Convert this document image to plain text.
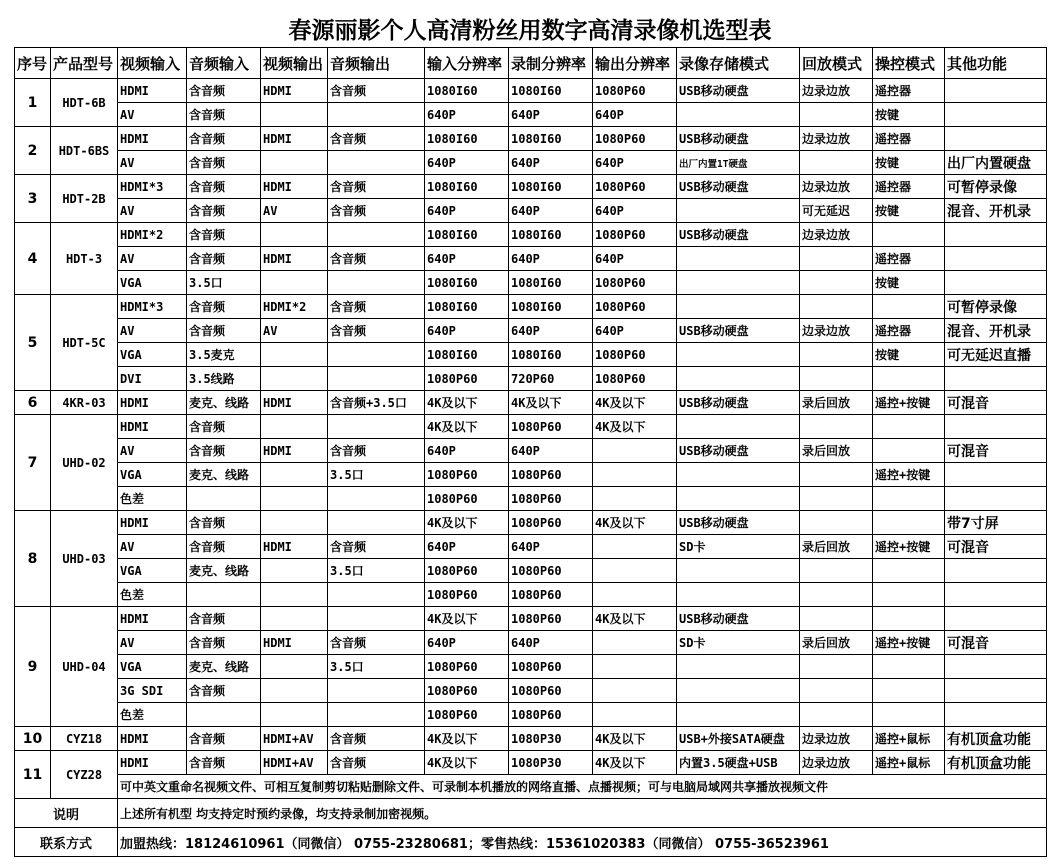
春源丽影个人高清粉丝用数字高清录像机选型表
序号	产品型号	视频输入	音频输入	视频输出	音频输出	输入分辨率	录制分辨率	输出分辨率	录像存储模式	回放模式	操控模式	其他功能
1	HDT-6B	HDMI	含音频	HDMI	含音频	1080I60	1080I60	1080P60	USB移动硬盘	边录边放	遥控器	
		AV	含音频			640P	640P	640P			按键	
2	HDT-6BS	HDMI	含音频	HDMI	含音频	1080I60	1080I60	1080P60	USB移动硬盘	边录边放	遥控器	
		AV	含音频			640P	640P	640P	出厂内置1T硬盘		按键	出厂内置硬盘
3	HDT-2B	HDMI*3	含音频	HDMI	含音频	1080I60	1080I60	1080P60	USB移动硬盘	边录边放	遥控器	可暂停录像
		AV	含音频	AV	含音频	640P	640P	640P		可无延迟	按键	混音、开机录
4	HDT-3	HDMI*2	含音频			1080I60	1080I60	1080P60	USB移动硬盘	边录边放		
		AV	含音频	HDMI	含音频	640P	640P	640P			遥控器	
		VGA	3.5口			1080I60	1080I60	1080P60			按键	
5	HDT-5C	HDMI*3	含音频	HDMI*2	含音频	1080I60	1080I60	1080P60				可暂停录像
		AV	含音频	AV	含音频	640P	640P	640P	USB移动硬盘	边录边放	遥控器	混音、开机录
		VGA	3.5麦克			1080I60	1080I60	1080P60			按键	可无延迟直播
		DVI	3.5线路			1080P60	720P60	1080P60				
6	4KR-03	HDMI	麦克、线路	HDMI	含音频+3.5口	4K及以下	4K及以下	4K及以下	USB移动硬盘	录后回放	遥控+按键	可混音
7	UHD-02	HDMI	含音频			4K及以下	1080P60	4K及以下				
		AV	含音频	HDMI	含音频	640P	640P		USB移动硬盘	录后回放		可混音
		VGA	麦克、线路		3.5口	1080P60	1080P60				遥控+按键	
		色差				1080P60	1080P60					
8	UHD-03	HDMI	含音频			4K及以下	1080P60	4K及以下	USB移动硬盘			带7寸屏
		AV	含音频	HDMI	含音频	640P	640P		SD卡	录后回放	遥控+按键	可混音
		VGA	麦克、线路		3.5口	1080P60	1080P60					
		色差				1080P60	1080P60					
9	UHD-04	HDMI	含音频			4K及以下	1080P60	4K及以下	USB移动硬盘			
		AV	含音频	HDMI	含音频	640P	640P		SD卡	录后回放	遥控+按键	可混音
		VGA	麦克、线路		3.5口	1080P60	1080P60					
		3G SDI	含音频			1080P60	1080P60					
		色差				1080P60	1080P60					
10	CYZ18	HDMI	含音频	HDMI+AV	含音频	4K及以下	1080P30	4K及以下	USB+外接SATA硬盘	边录边放	遥控+鼠标	有机顶盒功能
11	CYZ28	HDMI	含音频	HDMI+AV	含音频	4K及以下	1080P30	4K及以下	内置3.5硬盘+USB	边录边放	遥控+鼠标	有机顶盒功能
		可中英文重命名视频文件、可相互复制剪切粘贴删除文件、可录制本机播放的网络直播、点播视频；可与电脑局域网共享播放视频文件										
说明		上述所有机型 均支持定时预约录像，均支持录制加密视频。										
联系方式		加盟热线：18124610961（同微信） 0755-23280681；零售热线：15361020383（同微信） 0755-36523961										
